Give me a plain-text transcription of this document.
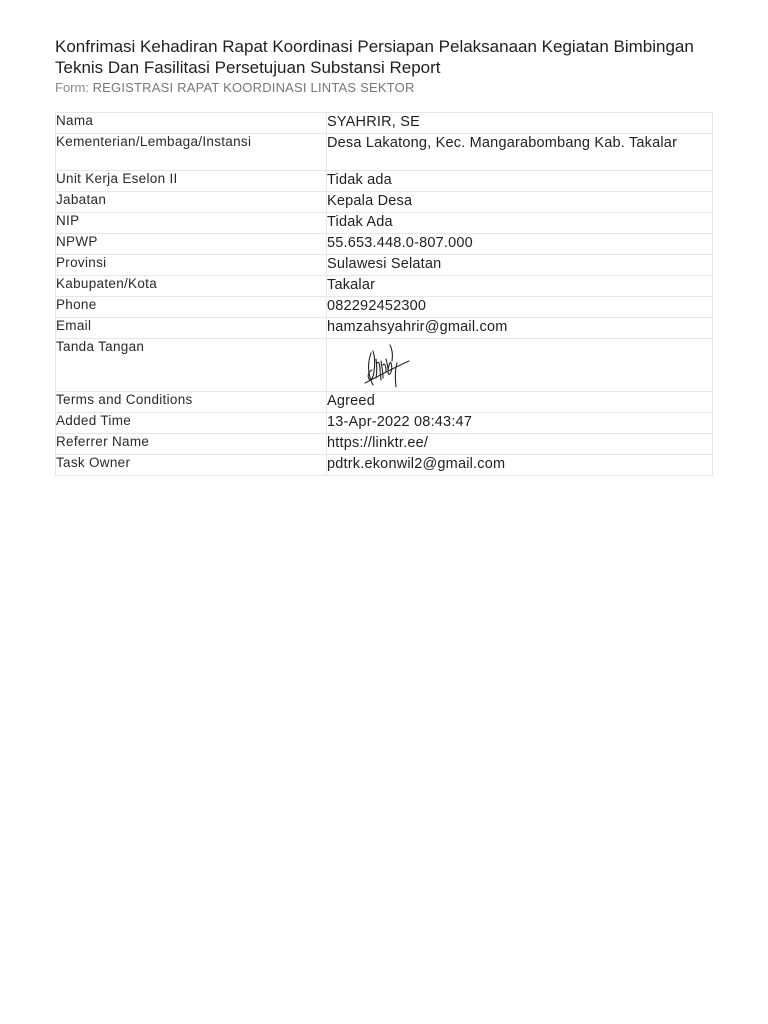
Konfrimasi Kehadiran Rapat Koordinasi Persiapan Pelaksanaan Kegiatan Bimbingan Teknis Dan Fasilitasi Persetujuan Substansi Report
Form: REGISTRASI RAPAT KOORDINASI LINTAS SEKTOR
Nama	SYAHRIR, SE
Kementerian/Lembaga/Instansi	Desa Lakatong, Kec. Mangarabombang Kab. Takalar
Unit Kerja Eselon II	Tidak ada
Jabatan	Kepala Desa
NIP	Tidak Ada
NPWP	55.653.448.0-807.000
Provinsi	Sulawesi Selatan
Kabupaten/Kota	Takalar
Phone	082292452300
Email	hamzahsyahrir@gmail.com
Tanda Tangan	

Terms and Conditions	Agreed
Added Time	13-Apr-2022 08:43:47
Referrer Name	https://linktr.ee/
Task Owner	pdtrk.ekonwil2@gmail.com
